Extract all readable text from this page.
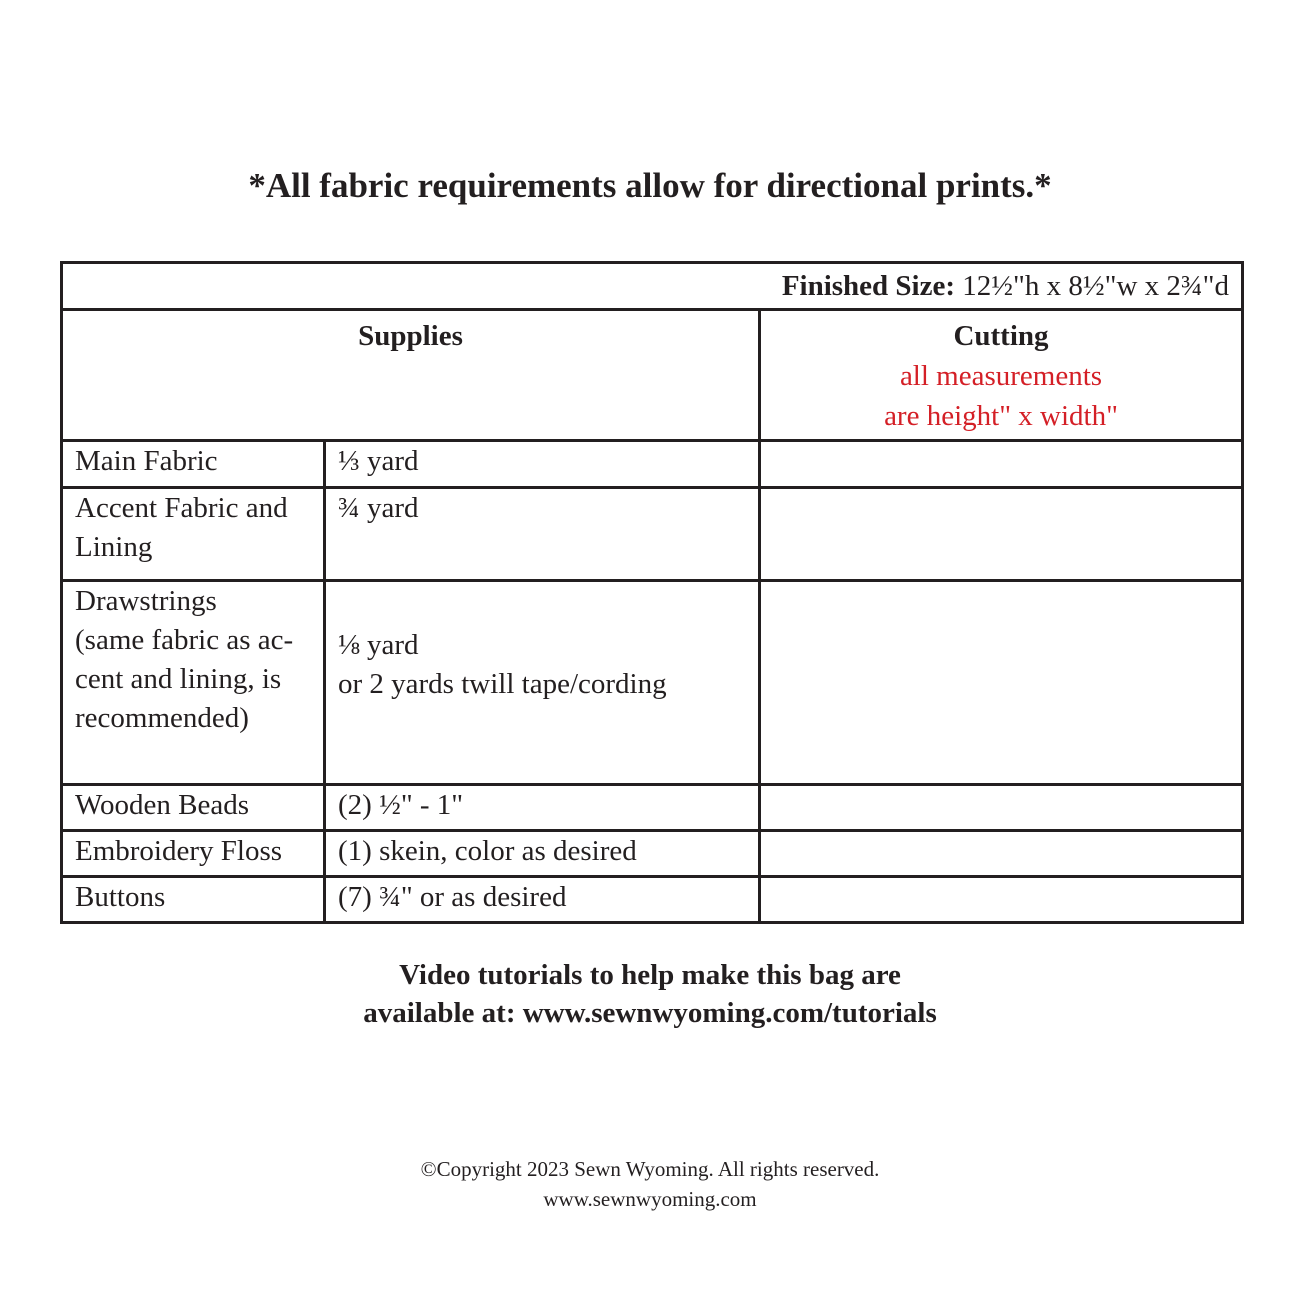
*All fabric requirements allow for directional prints.*
Finished Size: 12½"h x 8½"w x 2¾"d		

Supplies		Cutting
all measurements
are height" x width"

Main Fabric	⅓ yard	

Accent Fabric and
Lining	¾ yard	

Drawstrings
(same fabric as ac-
cent and lining, is
recommended)	⅛ yard
or 2 yards twill tape/cording	

Wooden Beads	(2) ½" - 1"	

Embroidery Floss	(1) skein, color as desired	

Buttons	(7) ¾" or as desired	

Video tutorials to help make this bag are
available at: www.sewnwyoming.com/tutorials
©Copyright 2023 Sewn Wyoming. All rights reserved.
www.sewnwyoming.com
